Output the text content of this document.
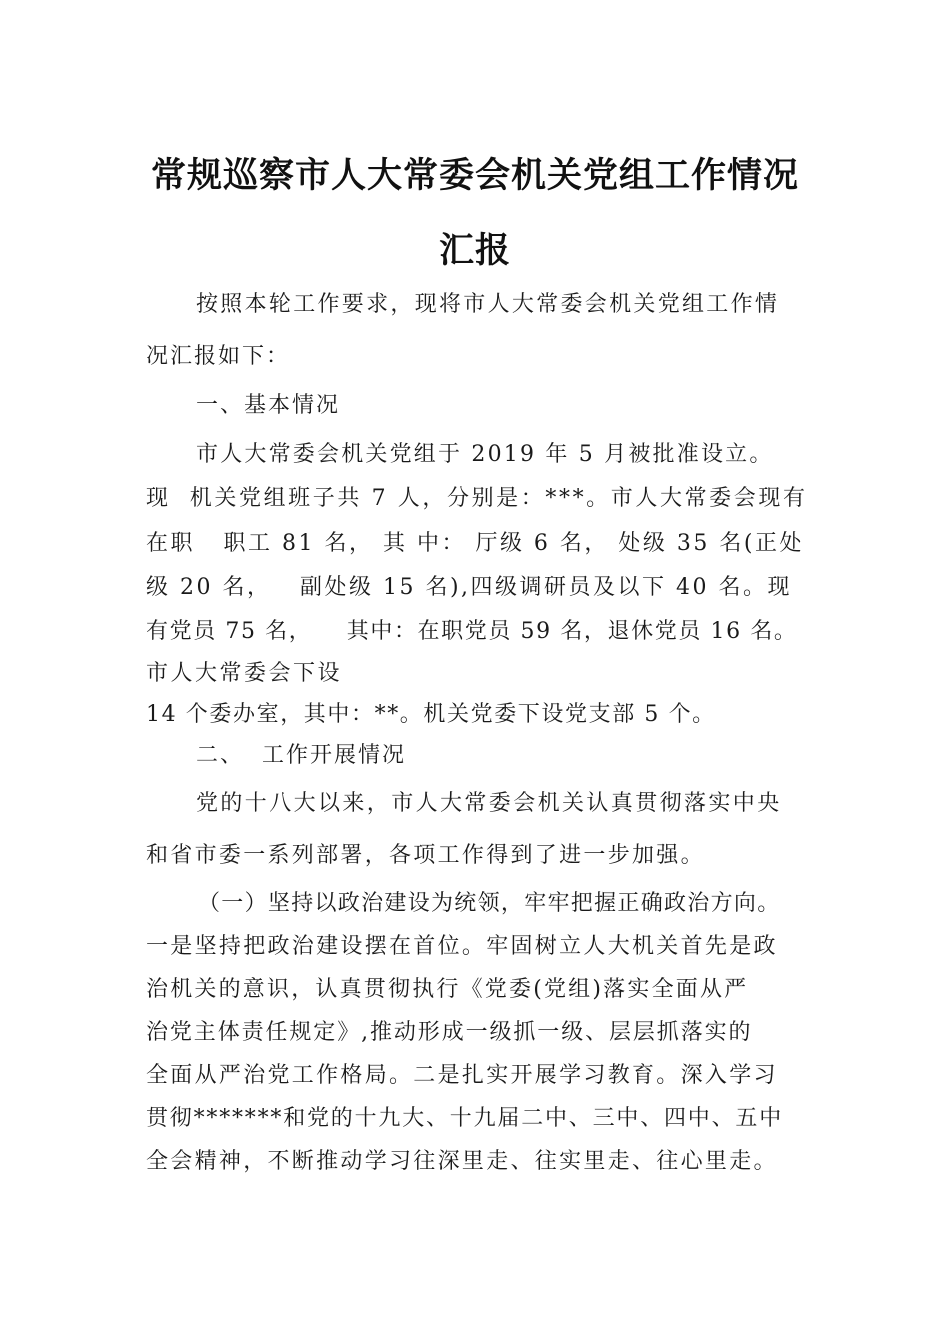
常规巡察市人大常委会机关党组工作情况
汇报
按照本轮工作要求，现将市人大常委会机关党组工作情
况汇报如下：
一、基本情况
市人大常委会机关党组于 2019 年 5 月被批准设立。
现  机关党组班子共 7 人，分别是：***。市人大常委会现有
在职   职工 81 名， 其 中： 厅级 6 名， 处级 35 名(正处
级 20 名，   副处级 15 名),四级调研员及以下 40 名。现
有党员 75 名，    其中：在职党员 59 名，退休党员 16 名。
市人大常委会下设
14 个委办室，其中：**。机关党委下设党支部 5 个。
二、  工作开展情况
党的十八大以来，市人大常委会机关认真贯彻落实中央
和省市委一系列部署，各项工作得到了进一步加强。
（一）坚持以政治建设为统领，牢牢把握正确政治方向。
一是坚持把政治建设摆在首位。牢固树立人大机关首先是政
治机关的意识，认真贯彻执行《党委(党组)落实全面从严
治党主体责任规定》,推动形成一级抓一级、层层抓落实的
全面从严治党工作格局。二是扎实开展学习教育。深入学习
贯彻*******和党的十九大、十九届二中、三中、四中、五中
全会精神，不断推动学习往深里走、往实里走、往心里走。
